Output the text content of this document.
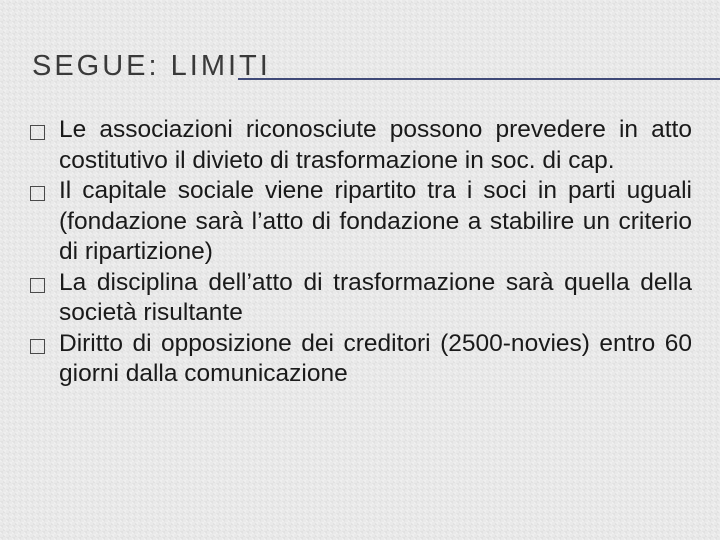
SEGUE: LIMITI
Le associazioni riconosciute possono prevedere in atto costitutivo il divieto di trasformazione in soc. di cap.
Il capitale sociale viene ripartito tra i soci in parti uguali (fondazione sarà l’atto di fondazione a stabilire un criterio di ripartizione)
La disciplina dell’atto di trasformazione sarà quella della società risultante
Diritto di opposizione dei creditori (2500-novies) entro 60 giorni dalla comunicazione
